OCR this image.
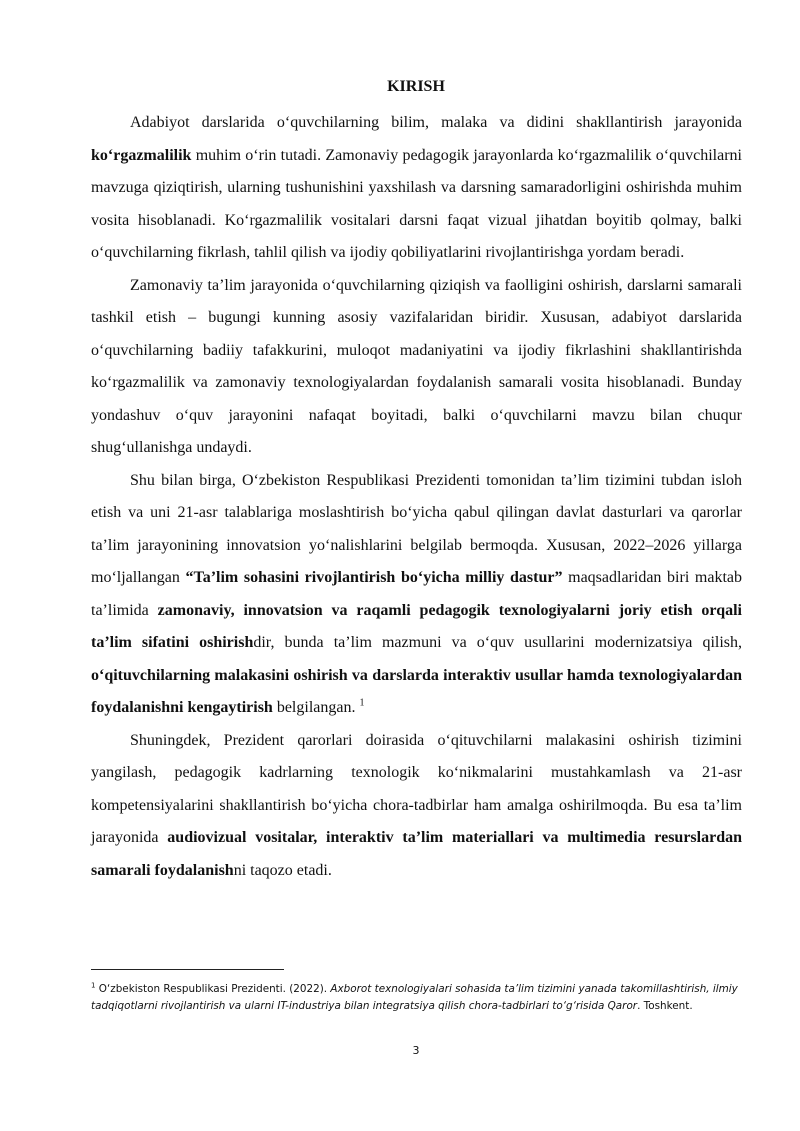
KIRISH

Adabiyot darslarida o‘quvchilarning bilim, malaka va didini shakllantirish jarayonida ko‘rgazmalilik muhim o‘rin tutadi. Zamonaviy pedagogik jarayonlarda ko‘rgazmalilik o‘quvchilarni mavzuga qiziqtirish, ularning tushunishini yaxshilash va darsning samaradorligini oshirishda muhim vosita hisoblanadi. Ko‘rgazmalilik vositalari darsni faqat vizual jihatdan boyitib qolmay, balki o‘quvchilarning fikrlash, tahlil qilish va ijodiy qobiliyatlarini rivojlantirishga yordam beradi.

Zamonaviy ta’lim jarayonida o‘quvchilarning qiziqish va faolligini oshirish, darslarni samarali tashkil etish – bugungi kunning asosiy vazifalaridan biridir. Xususan, adabiyot darslarida o‘quvchilarning badiiy tafakkurini, muloqot madaniyatini va ijodiy fikrlashini shakllantirishda ko‘rgazmalilik va zamonaviy texnologiyalardan foydalanish samarali vosita hisoblanadi. Bunday yondashuv o‘quv jarayonini nafaqat boyitadi, balki o‘quvchilarni mavzu bilan chuqur shug‘ullanishga undaydi.

Shu bilan birga, O‘zbekiston Respublikasi Prezidenti tomonidan ta’lim tizimini tubdan isloh etish va uni 21-asr talablariga moslashtirish bo‘yicha qabul qilingan davlat dasturlari va qarorlar ta’lim jarayonining innovatsion yo‘nalishlarini belgilab bermoqda. Xususan, 2022–2026 yillarga mo‘ljallangan “Ta’lim sohasini rivojlantirish bo‘yicha milliy dastur” maqsadlaridan biri maktab ta’limida zamonaviy, innovatsion va raqamli pedagogik texnologiyalarni joriy etish orqali ta’lim sifatini oshirishdir, bunda ta’lim mazmuni va o‘quv usullarini modernizatsiya qilish, o‘qituvchilarning malakasini oshirish va darslarda interaktiv usullar hamda texnologiyalardan foydalanishni kengaytirish belgilangan. $^1$

Shuningdek, Prezident qarorlari doirasida o‘qituvchilarni malakasini oshirish tizimini yangilash, pedagogik kadrlarning texnologik ko‘nikmalarini mustahkamlash va 21-asr kompetensiyalarini shakllantirish bo‘yicha chora-tadbirlar ham amalga oshirilmoqda. Bu esa ta’lim jarayonida audiovizual vositalar, interaktiv ta’lim materiallari va multimedia resurslardan samarali foydalanishni taqozo etadi.

$^1$ O‘zbekiston Respublikasi Prezidenti. (2022). Axborot texnologiyalari sohasida ta’lim tizimini yanada takomillashtirish, ilmiy tadqiqotlarni rivojlantirish va ularni IT-industriya bilan integratsiya qilish chora-tadbirlari to‘g‘risida Qaror. Toshkent.
3
